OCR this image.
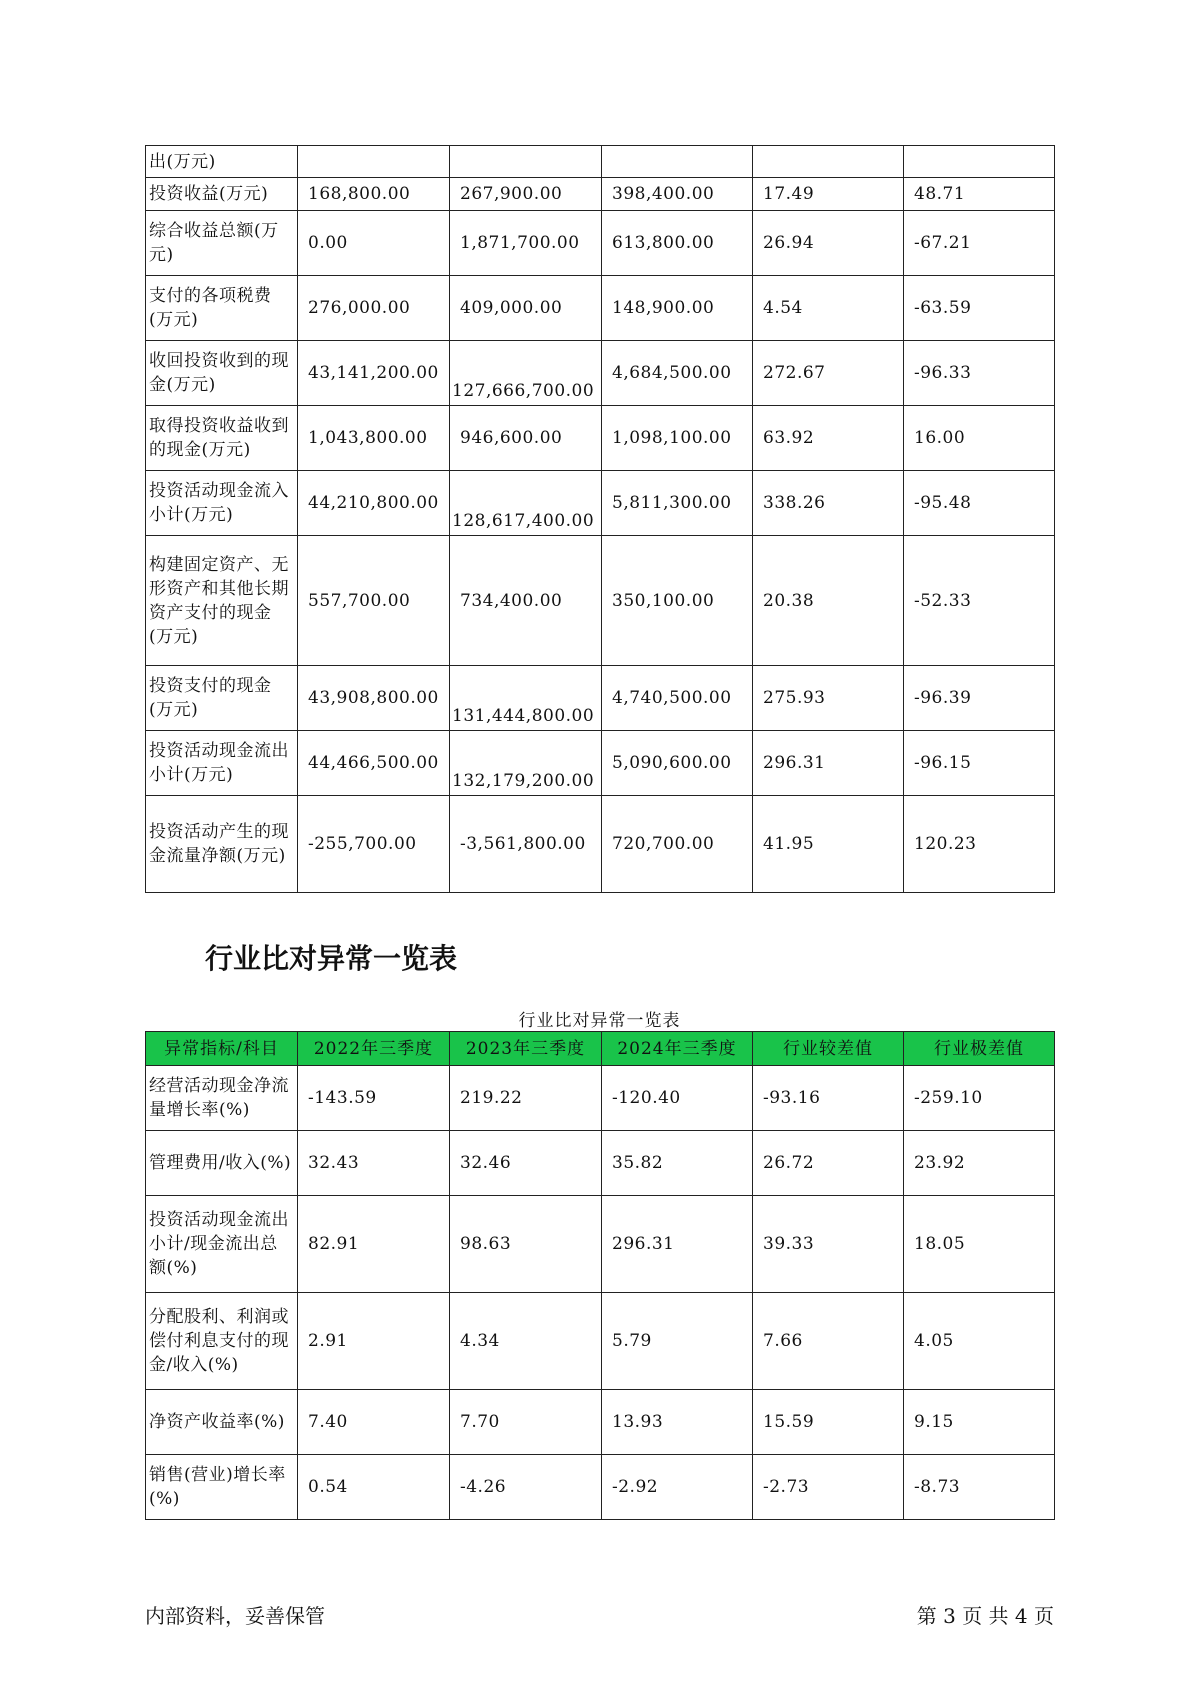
出(万元)					
投资收益(万元)	168,800.00	267,900.00	398,400.00	17.49	48.71
综合收益总额(万元)	0.00	1,871,700.00	613,800.00	26.94	-67.21
支付的各项税费(万元)	276,000.00	409,000.00	148,900.00	4.54	-63.59
收回投资收到的现金(万元)	43,141,200.00	127,666,700.00	4,684,500.00	272.67	-96.33
取得投资收益收到的现金(万元)	1,043,800.00	946,600.00	1,098,100.00	63.92	16.00
投资活动现金流入小计(万元)	44,210,800.00	128,617,400.00	5,811,300.00	338.26	-95.48
构建固定资产、无形资产和其他长期资产支付的现金(万元)	557,700.00	734,400.00	350,100.00	20.38	-52.33
投资支付的现金(万元)	43,908,800.00	131,444,800.00	4,740,500.00	275.93	-96.39
投资活动现金流出小计(万元)	44,466,500.00	132,179,200.00	5,090,600.00	296.31	-96.15
投资活动产生的现金流量净额(万元)	-255,700.00	-3,561,800.00	720,700.00	41.95	120.23
行业比对异常一览表
行业比对异常一览表
异常指标/科目	2022年三季度	2023年三季度	2024年三季度	行业较差值	行业极差值
经营活动现金净流量增长率(%)	-143.59	219.22	-120.40	-93.16	-259.10
管理费用/收入(%)	32.43	32.46	35.82	26.72	23.92
投资活动现金流出小计/现金流出总额(%)	82.91	98.63	296.31	39.33	18.05
分配股利、利润或偿付利息支付的现金/收入(%)	2.91	4.34	5.79	7.66	4.05
净资产收益率(%)	7.40	7.70	13.93	15.59	9.15
销售(营业)增长率(%)	0.54	-4.26	-2.92	-2.73	-8.73
内部资料，妥善保管	第 3 页 共 4 页
